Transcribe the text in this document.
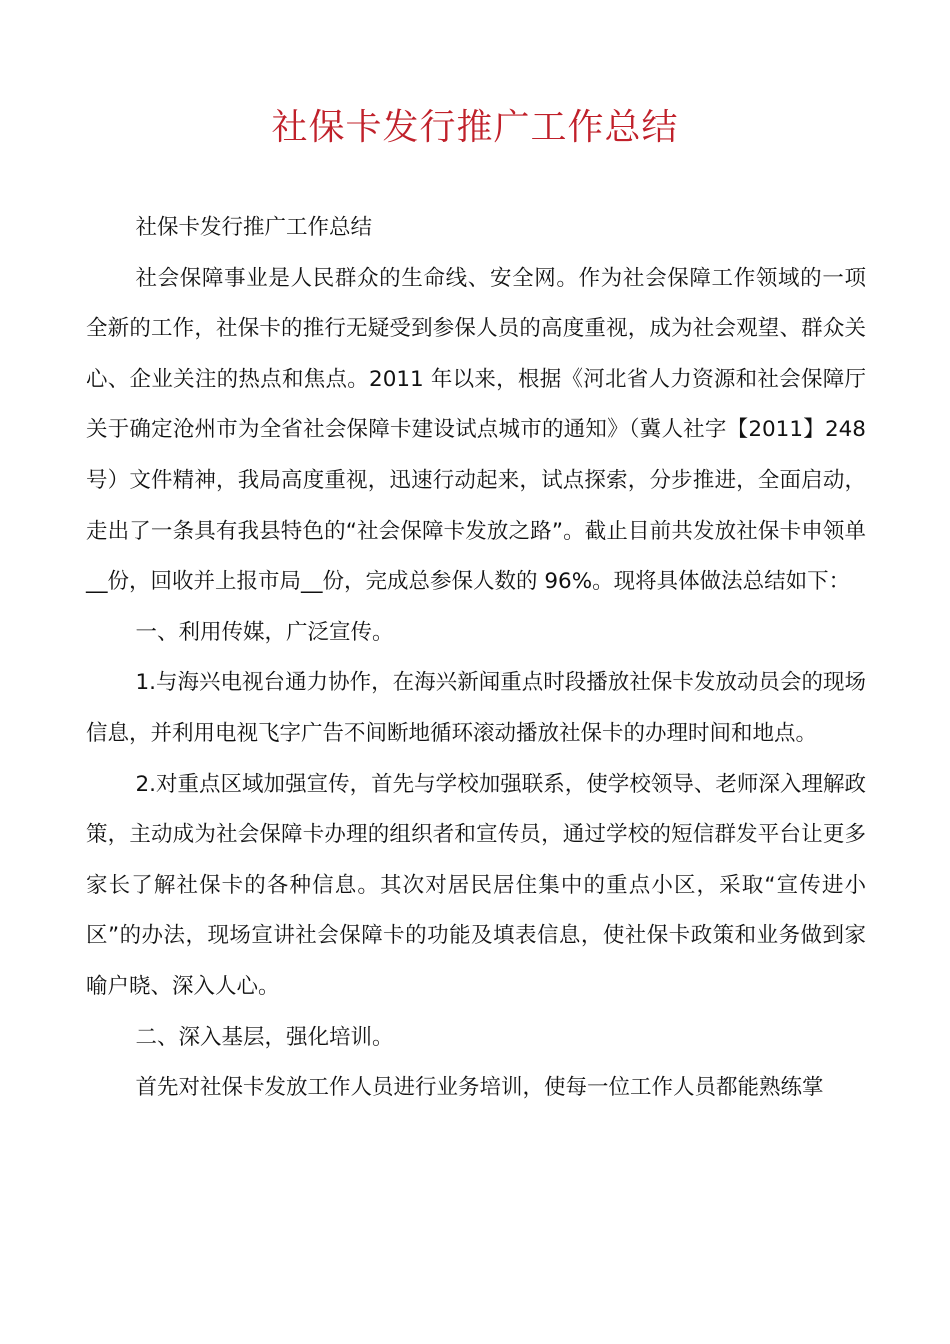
社保卡发行推广工作总结

社保卡发行推广工作总结

社会保障事业是人民群众的生命线、安全网。作为社会保障工作领域的一项全新的工作，社保卡的推行无疑受到参保人员的高度重视，成为社会观望、群众关心、企业关注的热点和焦点。2011 年以来，根据《河北省人力资源和社会保障厅关于确定沧州市为全省社会保障卡建设试点城市的通知》（冀人社字【2011】248 号）文件精神，我局高度重视，迅速行动起来，试点探索，分步推进，全面启动，走出了一条具有我县特色的“社会保障卡发放之路”。截止目前共发放社保卡申领单__份，回收并上报市局__份，完成总参保人数的 96%。现将具体做法总结如下：

一、利用传媒，广泛宣传。

1.与海兴电视台通力协作，在海兴新闻重点时段播放社保卡发放动员会的现场信息，并利用电视飞字广告不间断地循环滚动播放社保卡的办理时间和地点。

2.对重点区域加强宣传，首先与学校加强联系，使学校领导、老师深入理解政策，主动成为社会保障卡办理的组织者和宣传员，通过学校的短信群发平台让更多家长了解社保卡的各种信息。其次对居民居住集中的重点小区，采取“宣传进小区”的办法，现场宣讲社会保障卡的功能及填表信息，使社保卡政策和业务做到家喻户晓、深入人心。

二、深入基层，强化培训。

首先对社保卡发放工作人员进行业务培训，使每一位工作人员都能熟练掌
